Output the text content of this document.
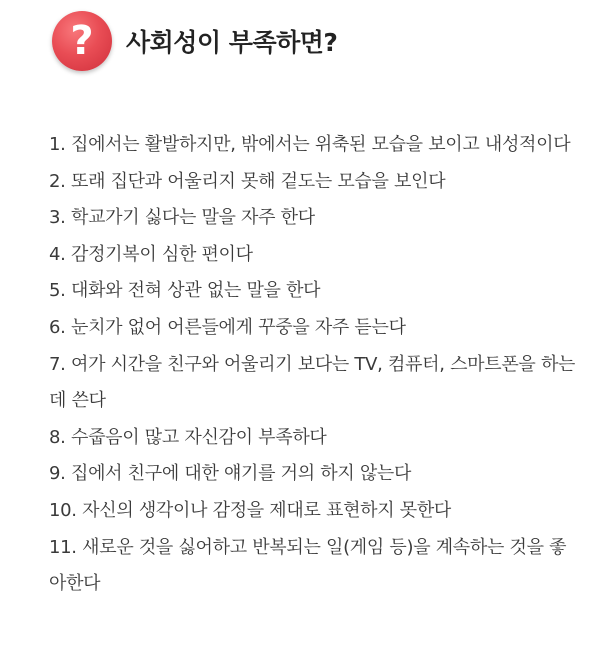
? 사회성이 부족하면?
1. 집에서는 활발하지만, 밖에서는 위축된 모습을 보이고 내성적이다
2. 또래 집단과 어울리지 못해 겉도는 모습을 보인다
3. 학교가기 싫다는 말을 자주 한다
4. 감정기복이 심한 편이다
5. 대화와 전혀 상관 없는 말을 한다
6. 눈치가 없어 어른들에게 꾸중을 자주 듣는다
7. 여가 시간을 친구와 어울리기 보다는 TV, 컴퓨터, 스마트폰을 하는데 쓴다
8. 수줍음이 많고 자신감이 부족하다
9. 집에서 친구에 대한 얘기를 거의 하지 않는다
10. 자신의 생각이나 감정을 제대로 표현하지 못한다
11. 새로운 것을 싫어하고 반복되는 일(게임 등)을 계속하는 것을 좋아한다
